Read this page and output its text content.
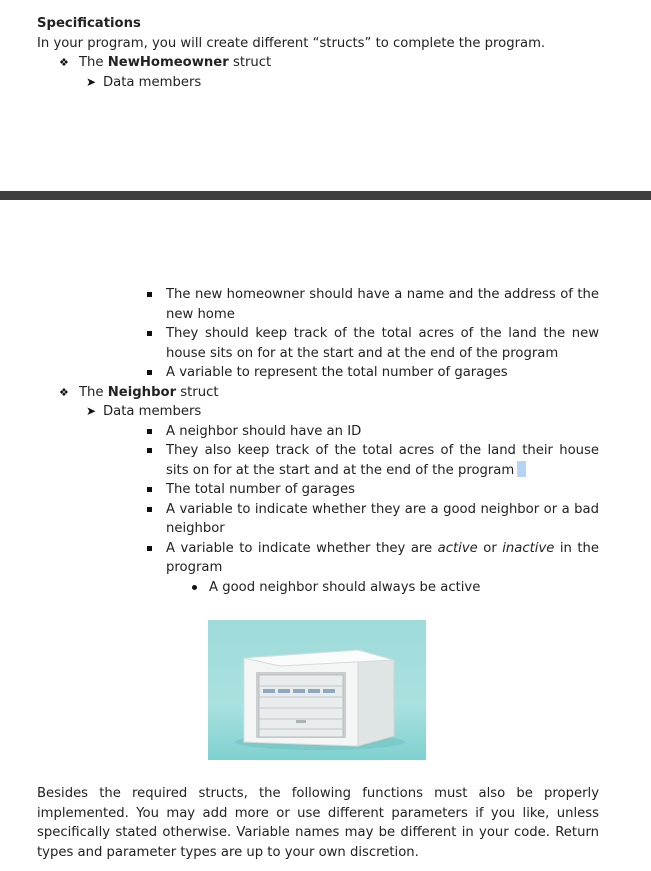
Specifications
In your program, you will create different “structs” to complete the program.
❖ The NewHomeowner struct
➤ Data members
The new homeowner should have a name and the address of the new home
They should keep track of the total acres of the land the new house sits on for at the start and at the end of the program
A variable to represent the total number of garages
❖ The Neighbor struct
➤ Data members
A neighbor should have an ID
They also keep track of the total acres of the land their house sits on for at the start and at the end of the program
The total number of garages
A variable to indicate whether they are a good neighbor or a bad neighbor
A variable to indicate whether they are active or inactive in the program
A good neighbor should always be active
Besides the required structs, the following functions must also be properly implemented. You may add more or use different parameters if you like, unless specifically stated otherwise. Variable names may be different in your code. Return types and parameter types are up to your own discretion.
